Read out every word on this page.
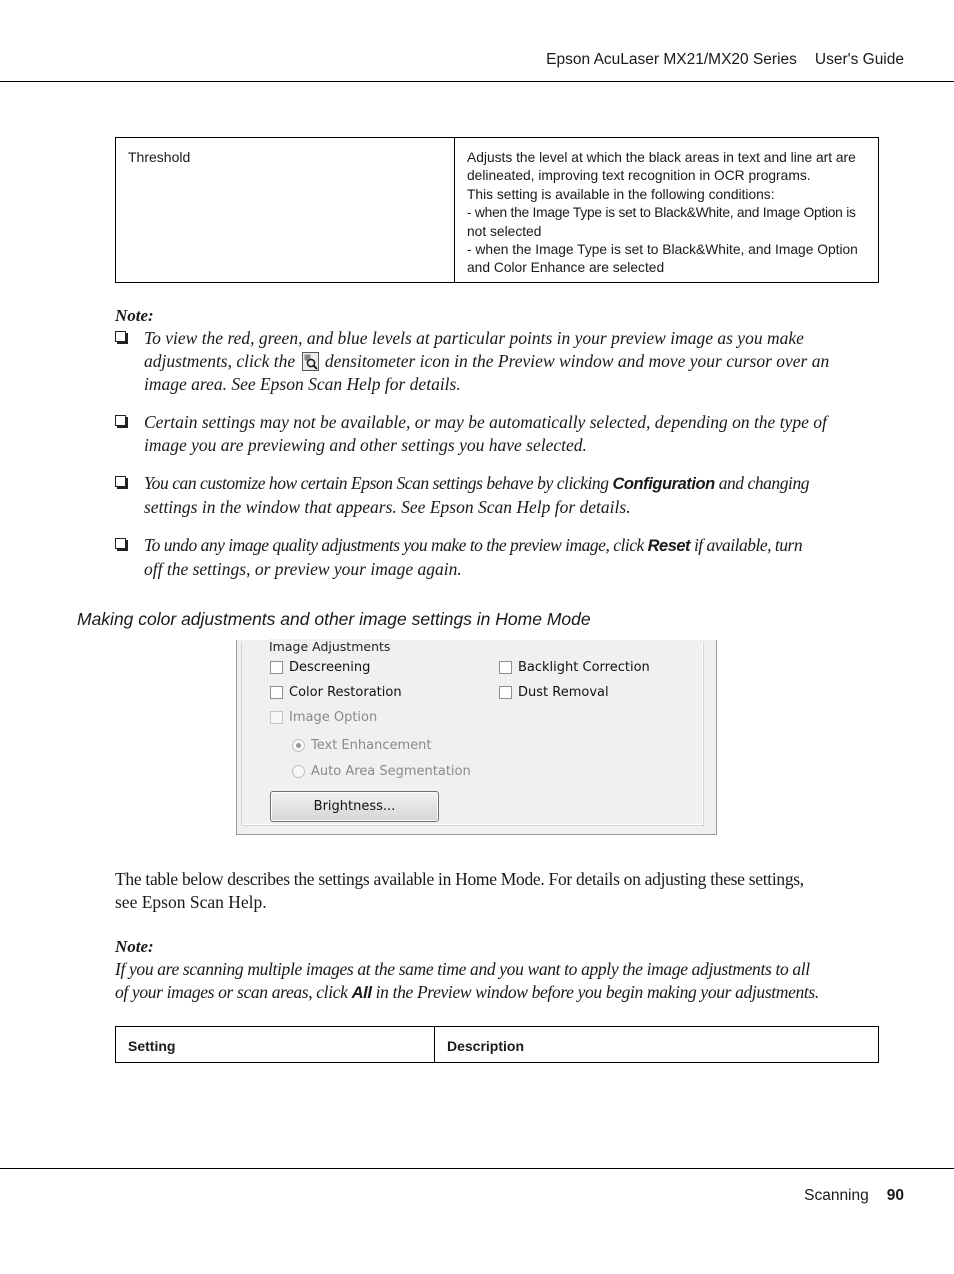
Epson AcuLaser MX21/MX20 Series User's Guide
Threshold	Adjusts the level at which the black areas in text and line art are
delineated, improving text recognition in OCR programs.
This setting is available in the following conditions:
- when the Image Type is set to Black&White, and Image Option is
not selected
- when the Image Type is set to Black&White, and Image Option
and Color Enhance are selected
Note:
To view the red, green, and blue levels at particular points in your preview image as you make
adjustments, click the densitometer icon in the Preview window and move your cursor over an
image area. See Epson Scan Help for details.
Certain settings may not be available, or may be automatically selected, depending on the type of
image you are previewing and other settings you have selected.
You can customize how certain Epson Scan settings behave by clicking Configuration and changing
settings in the window that appears. See Epson Scan Help for details.
To undo any image quality adjustments you make to the preview image, click Reset if available, turn
off the settings, or preview your image again.
Making color adjustments and other image settings in Home Mode
Image Adjustments
Descreening
Color Restoration
Image Option
Text Enhancement
Auto Area Segmentation
Backlight Correction
Dust Removal
Brightness...
The table below describes the settings available in Home Mode. For details on adjusting these settings,
see Epson Scan Help.
Note:
If you are scanning multiple images at the same time and you want to apply the image adjustments to all
of your images or scan areas, click All in the Preview window before you begin making your adjustments.
Setting	Description
Scanning 90
